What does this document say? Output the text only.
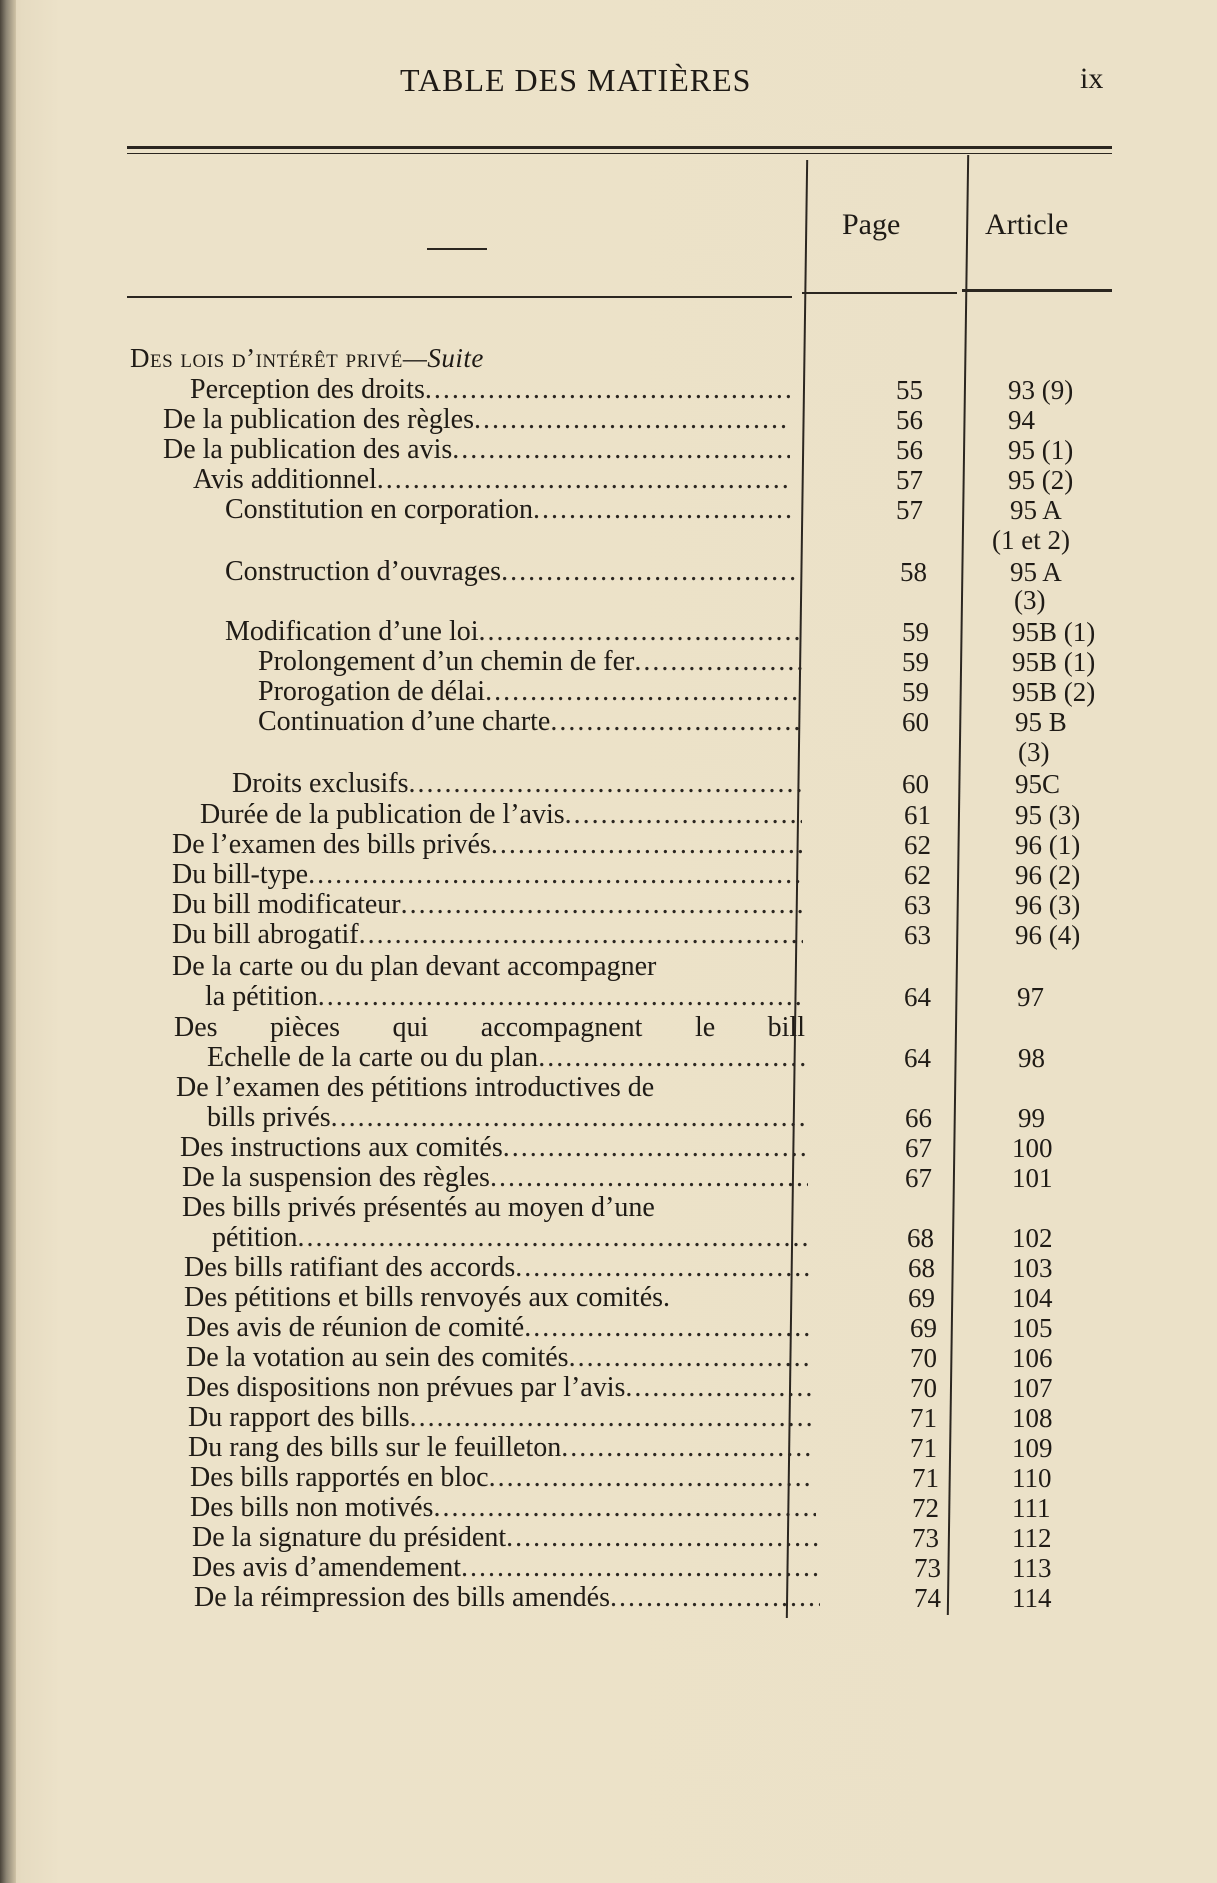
TABLE DES MATIÈRES	ix
Page	Article
Des lois d’intérêt privé—Suite
Perception des droits .....	55	93 (9)
De la publication des règles .....	56	94
De la publication des avis .....	56	95 (1)
Avis additionnel .....	57	95 (2)
Constitution en corporation .....	57	95 A
(1 et 2)
Construction d’ouvrages .....	58	95 A
(3)
Modification d’une loi .....	59	95B (1)
Prolongement d’un chemin de fer .....	59	95B (1)
Prorogation de délai .....	59	95B (2)
Continuation d’une charte .....	60	95 B
(3)
Droits exclusifs .....	60	95C
Durée de la publication de l’avis .....	61	95 (3)
De l’examen des bills privés .....	62	96 (1)
Du bill-type .....	62	96 (2)
Du bill modificateur .....	63	96 (3)
Du bill abrogatif .....	63	96 (4)
De la carte ou du plan devant accompagner
la pétition .....	64	97
Des pièces qui accompagnent le bill
Echelle de la carte ou du plan .....	64	98
De l’examen des pétitions introductives de
bills privés .....	66	99
Des instructions aux comités .....	67	100
De la suspension des règles .....	67	101
Des bills privés présentés au moyen d’une
pétition .....	68	102
Des bills ratifiant des accords .....	68	103
Des pétitions et bills renvoyés aux comités.	69	104
Des avis de réunion de comité .....	69	105
De la votation au sein des comités .....	70	106
Des dispositions non prévues par l’avis .....	70	107
Du rapport des bills .....	71	108
Du rang des bills sur le feuilleton .....	71	109
Des bills rapportés en bloc .....	71	110
Des bills non motivés .....	72	111
De la signature du président .....	73	112
Des avis d’amendement .....	73	113
De la réimpression des bills amendés .....	74	114
